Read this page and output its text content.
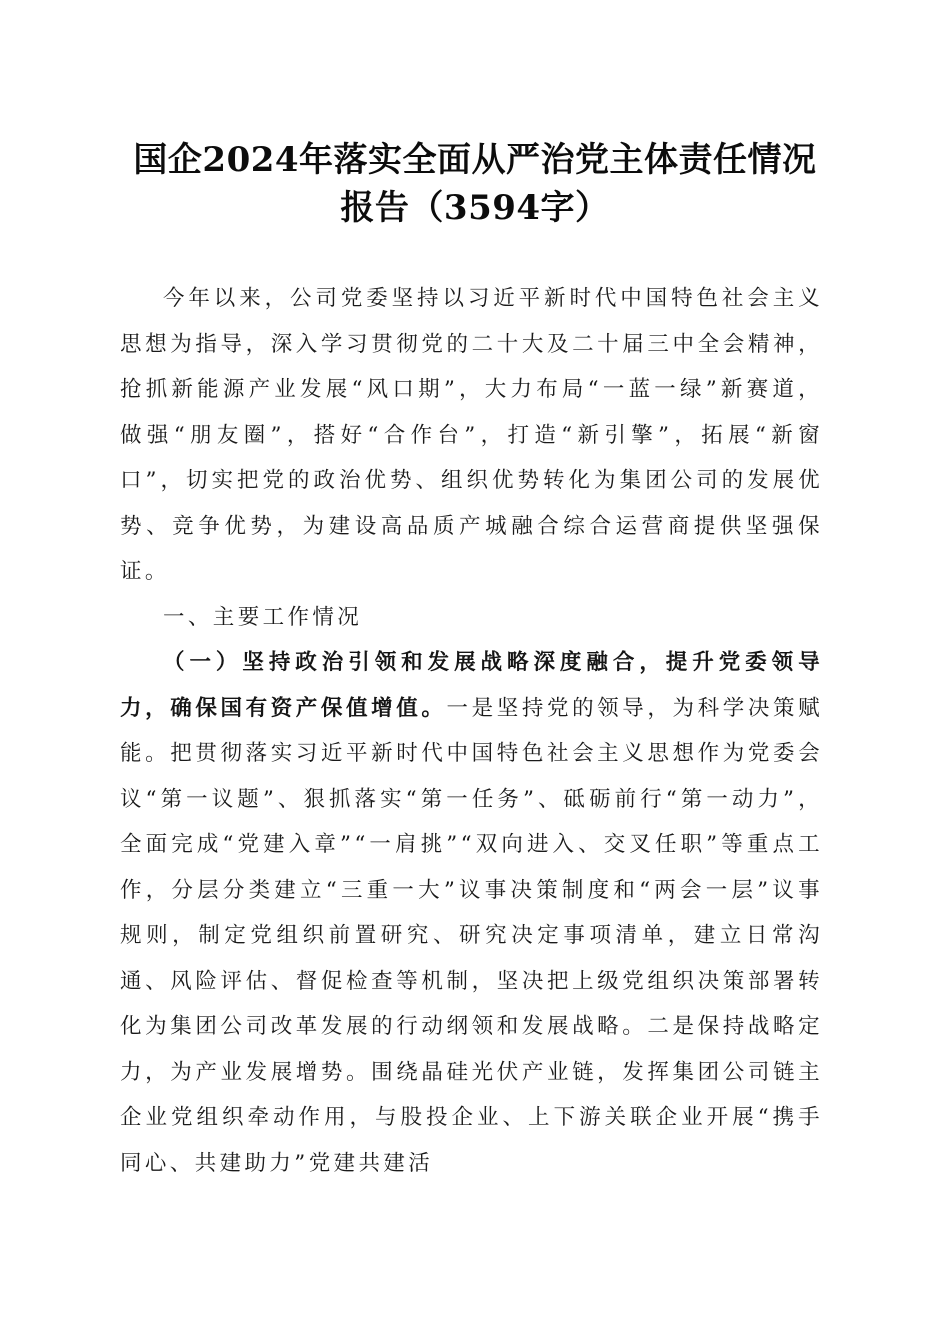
国企2024年落实全面从严治党主体责任情况
报告（3594字）

今年以来，公司党委坚持以习近平新时代中国特色社会主义思想为指导，深入学习贯彻党的二十大及二十届三中全会精神，抢抓新能源产业发展“风口期”，大力布局“一蓝一绿”新赛道，做强“朋友圈”，搭好“合作台”，打造“新引擎”，拓展“新窗口”，切实把党的政治优势、组织优势转化为集团公司的发展优势、竞争优势，为建设高品质产城融合综合运营商提供坚强保证。

一、主要工作情况

（一）坚持政治引领和发展战略深度融合，提升党委领导力，确保国有资产保值增值。一是坚持党的领导，为科学决策赋能。把贯彻落实习近平新时代中国特色社会主义思想作为党委会议“第一议题”、狠抓落实“第一任务”、砥砺前行“第一动力”，全面完成“党建入章”“一肩挑”“双向进入、交叉任职”等重点工作，分层分类建立“三重一大”议事决策制度和“两会一层”议事规则，制定党组织前置研究、研究决定事项清单，建立日常沟通、风险评估、督促检查等机制，坚决把上级党组织决策部署转化为集团公司改革发展的行动纲领和发展战略。二是保持战略定力，为产业发展增势。围绕晶硅光伏产业链，发挥集团公司链主企业党组织牵动作用，与股投企业、上下游关联企业开展“携手同心、共建助力”党建共建活
